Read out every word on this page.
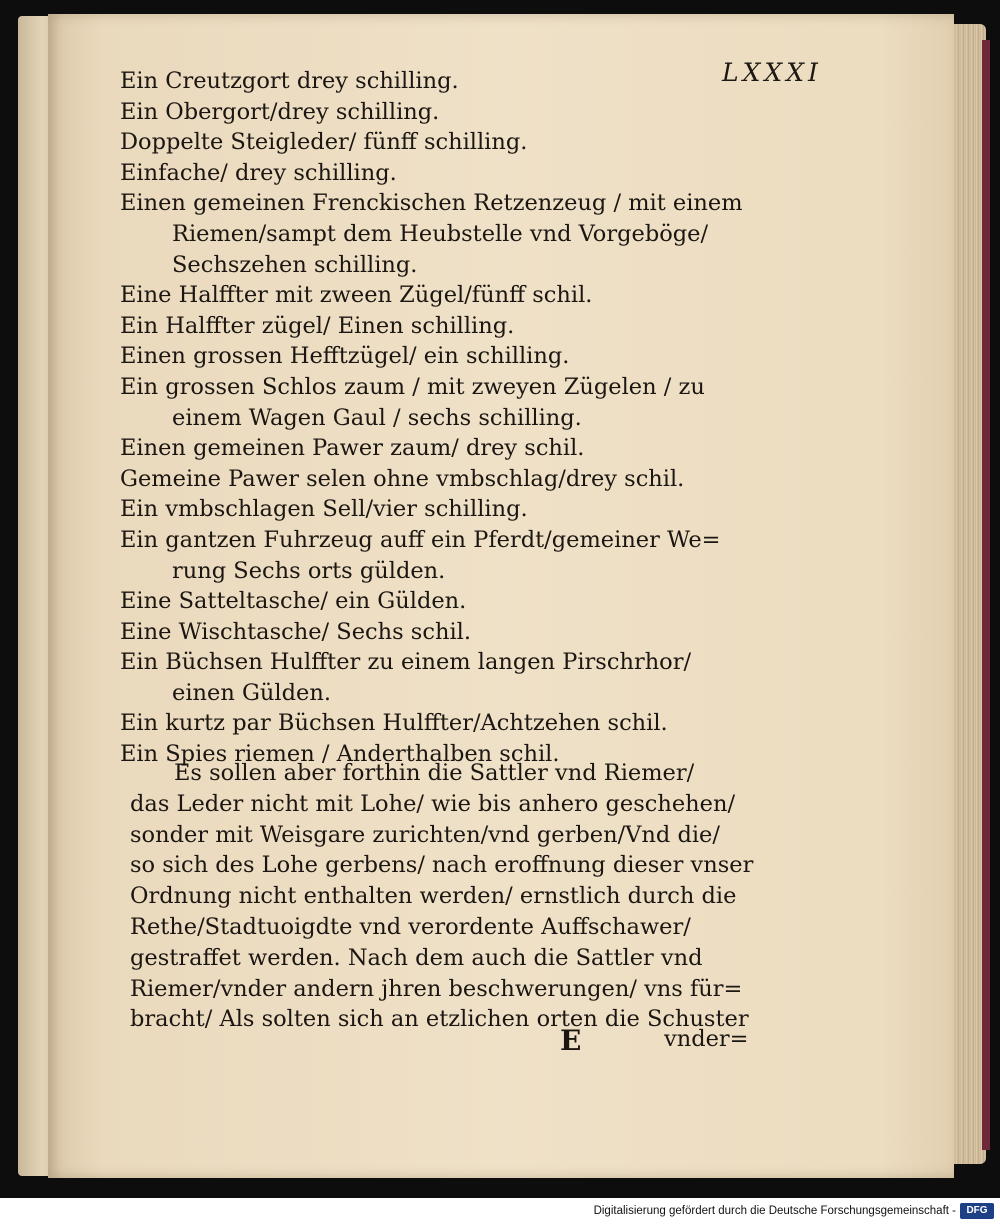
LXXXI
Ein Creutzgort drey schilling.
Ein Obergort/drey schilling.
Doppelte Steigleder/ fünff schilling.
Einfache/ drey schilling.
Einen gemeinen Frenckischen Retzenzeug / mit einem
Riemen/sampt dem Heubstelle vnd Vorgeböge/
Sechszehen schilling.
Eine Halffter mit zween Zügel/fünff schil.
Ein Halffter zügel/ Einen schilling.
Einen grossen Hefftzügel/ ein schilling.
Ein grossen Schlos zaum / mit zweyen Zügelen / zu
einem Wagen Gaul / sechs schilling.
Einen gemeinen Pawer zaum/ drey schil.
Gemeine Pawer selen ohne vmbschlag/drey schil.
Ein vmbschlagen Sell/vier schilling.
Ein gantzen Fuhrzeug auff ein Pferdt/gemeiner We=
rung Sechs orts gülden.
Eine Satteltasche/ ein Gülden.
Eine Wischtasche/ Sechs schil.
Ein Büchsen Hulffter zu einem langen Pirschrhor/
einen Gülden.
Ein kurtz par Büchsen Hulffter/Achtzehen schil.
Ein Spies riemen / Anderthalben schil.
Es sollen aber forthin die Sattler vnd Riemer/
das Leder nicht mit Lohe/ wie bis anhero geschehen/
sonder mit Weisgare zurichten/vnd gerben/Vnd die/
so sich des Lohe gerbens/ nach eroffnung dieser vnser
Ordnung nicht enthalten werden/ ernstlich durch die
Rethe/Stadtuoigdte vnd verordente Auffschawer/
gestraffet werden. Nach dem auch die Sattler vnd
Riemer/vnder andern jhren beschwerungen/ vns für=
bracht/ Als solten sich an etzlichen orten die Schuster
E	vnder=
Digitalisierung gefördert durch die Deutsche Forschungsgemeinschaft -	DFG
